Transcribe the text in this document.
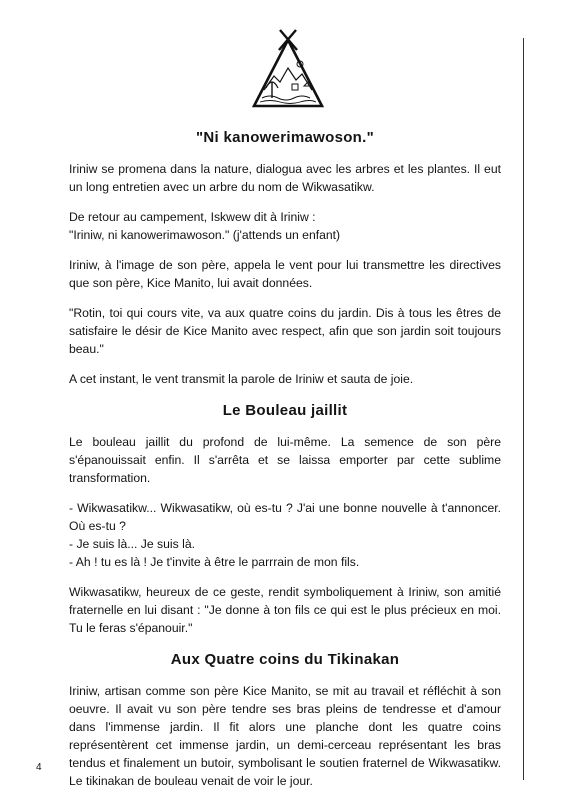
"Ni kanowerimawoson."

Iriniw se promena dans la nature, dialogua avec les arbres et les plantes. Il eut un long entretien avec un arbre du nom de Wikwasatikw.

De retour au campement, Iskwew dit à Iriniw :
"Iriniw, ni kanowerimawoson." (j'attends un enfant)

Iriniw, à l'image de son père, appela le vent pour lui transmettre les directives que son père, Kice Manito, lui avait données.

"Rotin, toi qui cours vite, va aux quatre coins du jardin. Dis à tous les êtres de satisfaire le désir de Kice Manito avec respect, afin que son jardin soit toujours beau."

A cet instant, le vent transmit la parole de Iriniw et sauta de joie.

Le Bouleau jaillit

Le bouleau jaillit du profond de lui-même. La semence de son père s'épanouissait enfin. Il s'arrêta et se laissa emporter par cette sublime transformation.

- Wikwasatikw... Wikwasatikw, où es-tu ? J'ai une bonne nouvelle à t'annoncer. Où es-tu ?

- Je suis là... Je suis là.

- Ah ! tu es là ! Je t'invite à être le parrrain de mon fils.

Wikwasatikw, heureux de ce geste, rendit symboliquement à Iriniw, son amitié fraternelle en lui disant : "Je donne à ton fils ce qui est le plus précieux en moi. Tu le feras s'épanouir."

Aux Quatre coins du Tikinakan

Iriniw, artisan comme son père Kice Manito, se mit au travail et réfléchit à son oeuvre. Il avait vu son père tendre ses bras pleins de tendresse et d'amour dans l'immense jardin. Il fit alors une planche dont les quatre coins représentèrent cet immense jardin, un demi-cerceau représentant les bras tendus et finalement un butoir, symbolisant le soutien fraternel de Wikwasatikw. Le tikinakan de bouleau venait de voir le jour.

4
